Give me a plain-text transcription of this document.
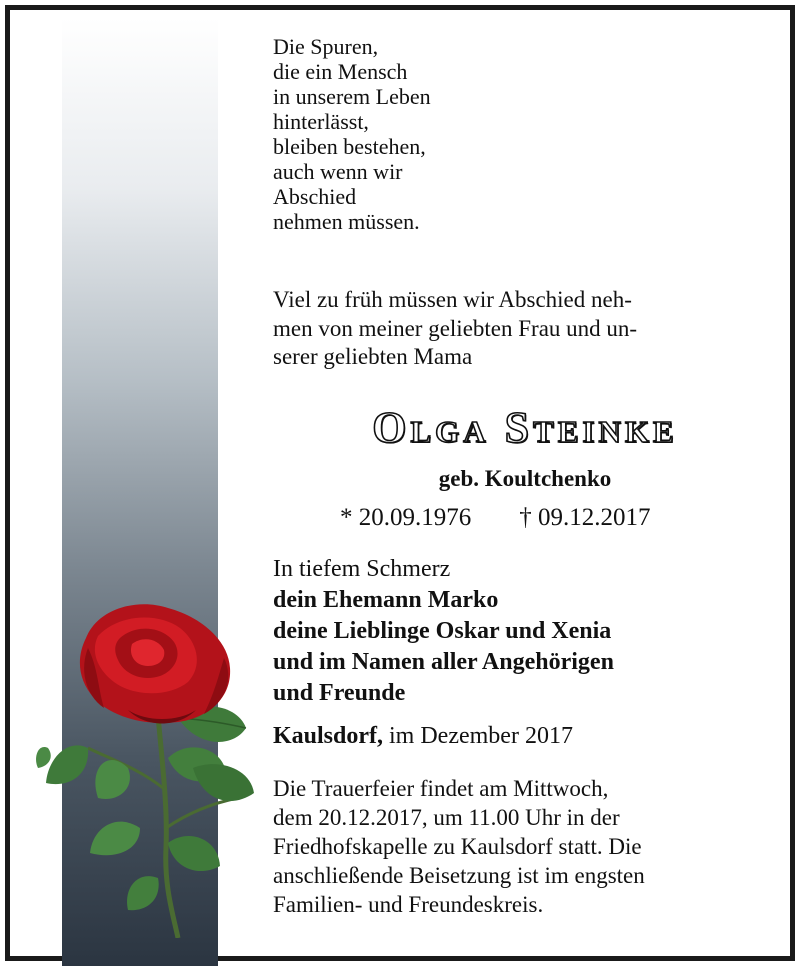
Die Spuren,
die ein Mensch
in unserem Leben
hinterlässt,
bleiben bestehen,
auch wenn wir
Abschied
nehmen müssen.
Viel zu früh müssen wir Abschied neh-
men von meiner geliebten Frau und un-
serer geliebten Mama
Olga Steinke
geb. Koultchenko
* 20.09.1976 † 09.12.2017
In tiefem Schmerz
dein Ehemann Marko
deine Lieblinge Oskar und Xenia
und im Namen aller Angehörigen
und Freunde
Kaulsdorf, im Dezember 2017
Die Trauerfeier findet am Mittwoch,
dem 20.12.2017, um 11.00 Uhr in der
Friedhofskapelle zu Kaulsdorf statt. Die
anschließende Beisetzung ist im engsten
Familien- und Freundeskreis.
